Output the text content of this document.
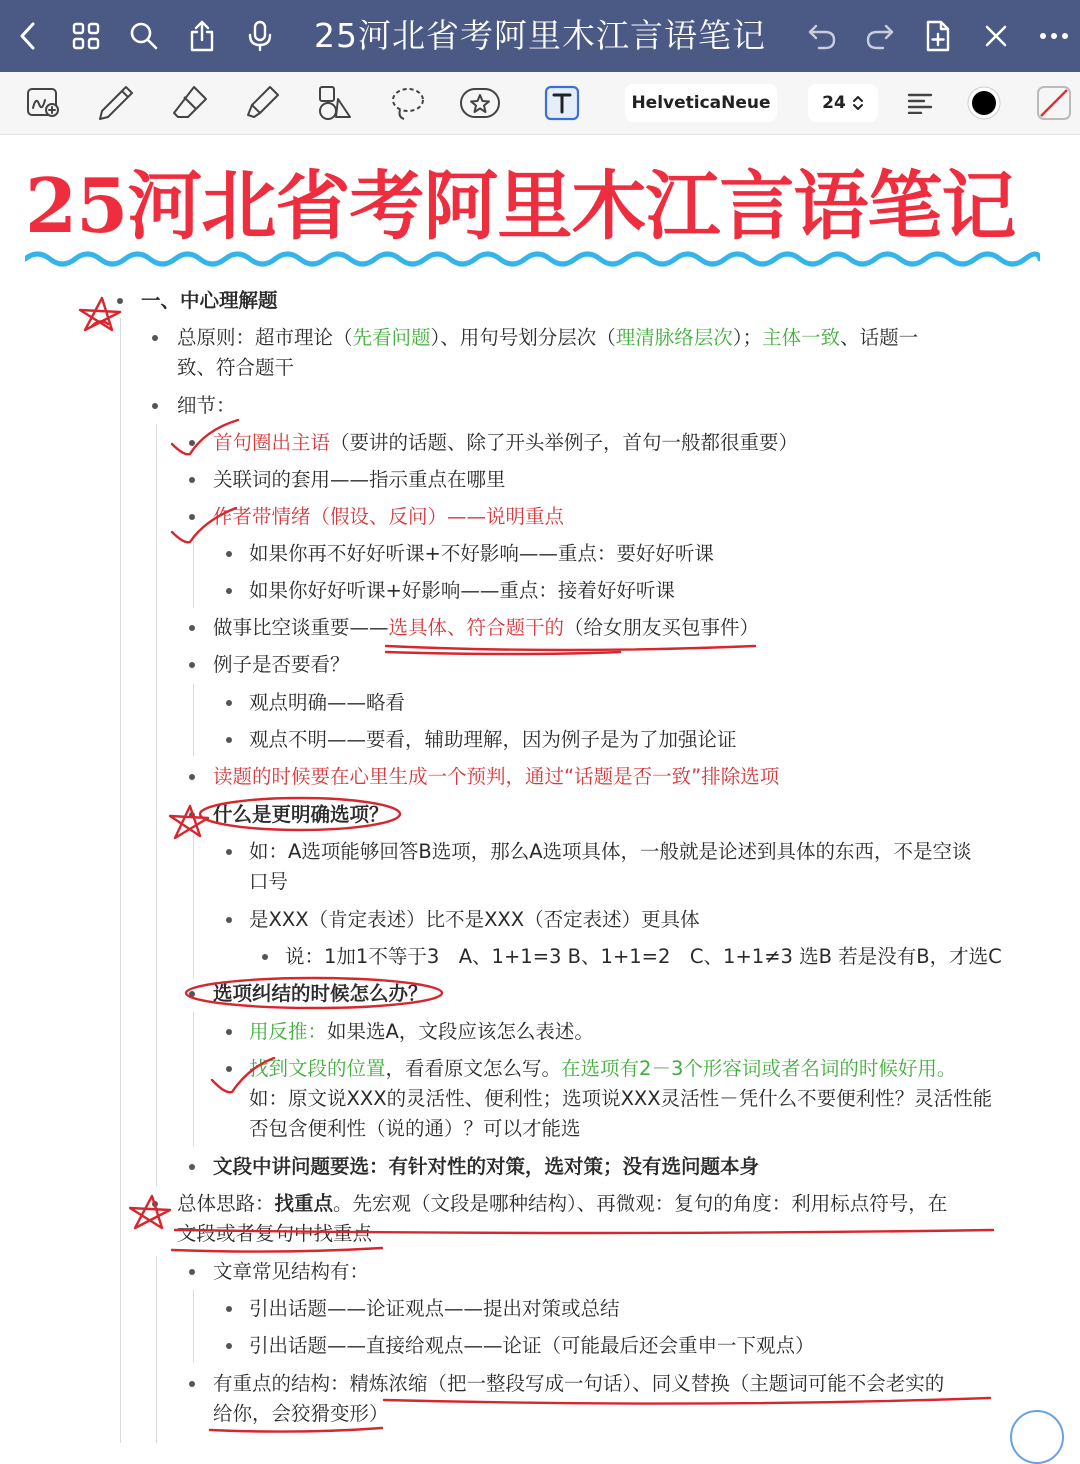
25河北省考阿里木江言语笔记
HelveticaNeue	24
25河北省考阿里木江言语笔记
一、中心理解题
总原则：超市理论（先看问题）、用句号划分层次（理清脉络层次）；主体一致、话题一
致、符合题干
细节：
首句圈出主语（要讲的话题、除了开头举例子，首句一般都很重要）
关联词的套用——指示重点在哪里
作者带情绪（假设、反问）——说明重点
如果你再不好好听课+不好影响——重点：要好好听课
如果你好好听课+好影响——重点：接着好好听课
做事比空谈重要——选具体、符合题干的（给女朋友买包事件）
例子是否要看？
观点明确——略看
观点不明——要看，辅助理解，因为例子是为了加强论证
读题的时候要在心里生成一个预判，通过“话题是否一致”排除选项
什么是更明确选项？
如：A选项能够回答B选项，那么A选项具体，一般就是论述到具体的东西，不是空谈
口号
是XXX（肯定表述）比不是XXX（否定表述）更具体
说：1加1不等于3　A、1+1=3 B、1+1=2　C、1+1≠3 选B 若是没有B，才选C
选项纠结的时候怎么办？
用反推：如果选A，文段应该怎么表述。
找到文段的位置，看看原文怎么写。在选项有2－3个形容词或者名词的时候好用。
如：原文说XXX的灵活性、便利性；选项说XXX灵活性－凭什么不要便利性？灵活性能
否包含便利性（说的通）？可以才能选
文段中讲问题要选：有针对性的对策，选对策；没有选问题本身
总体思路：找重点。先宏观（文段是哪种结构）、再微观：复句的角度：利用标点符号，在
文段或者复句中找重点
文章常见结构有：
引出话题——论证观点——提出对策或总结
引出话题——直接给观点——论证（可能最后还会重申一下观点）
有重点的结构：精炼浓缩（把一整段写成一句话）、同义替换（主题词可能不会老实的
给你，会狡猾变形）
